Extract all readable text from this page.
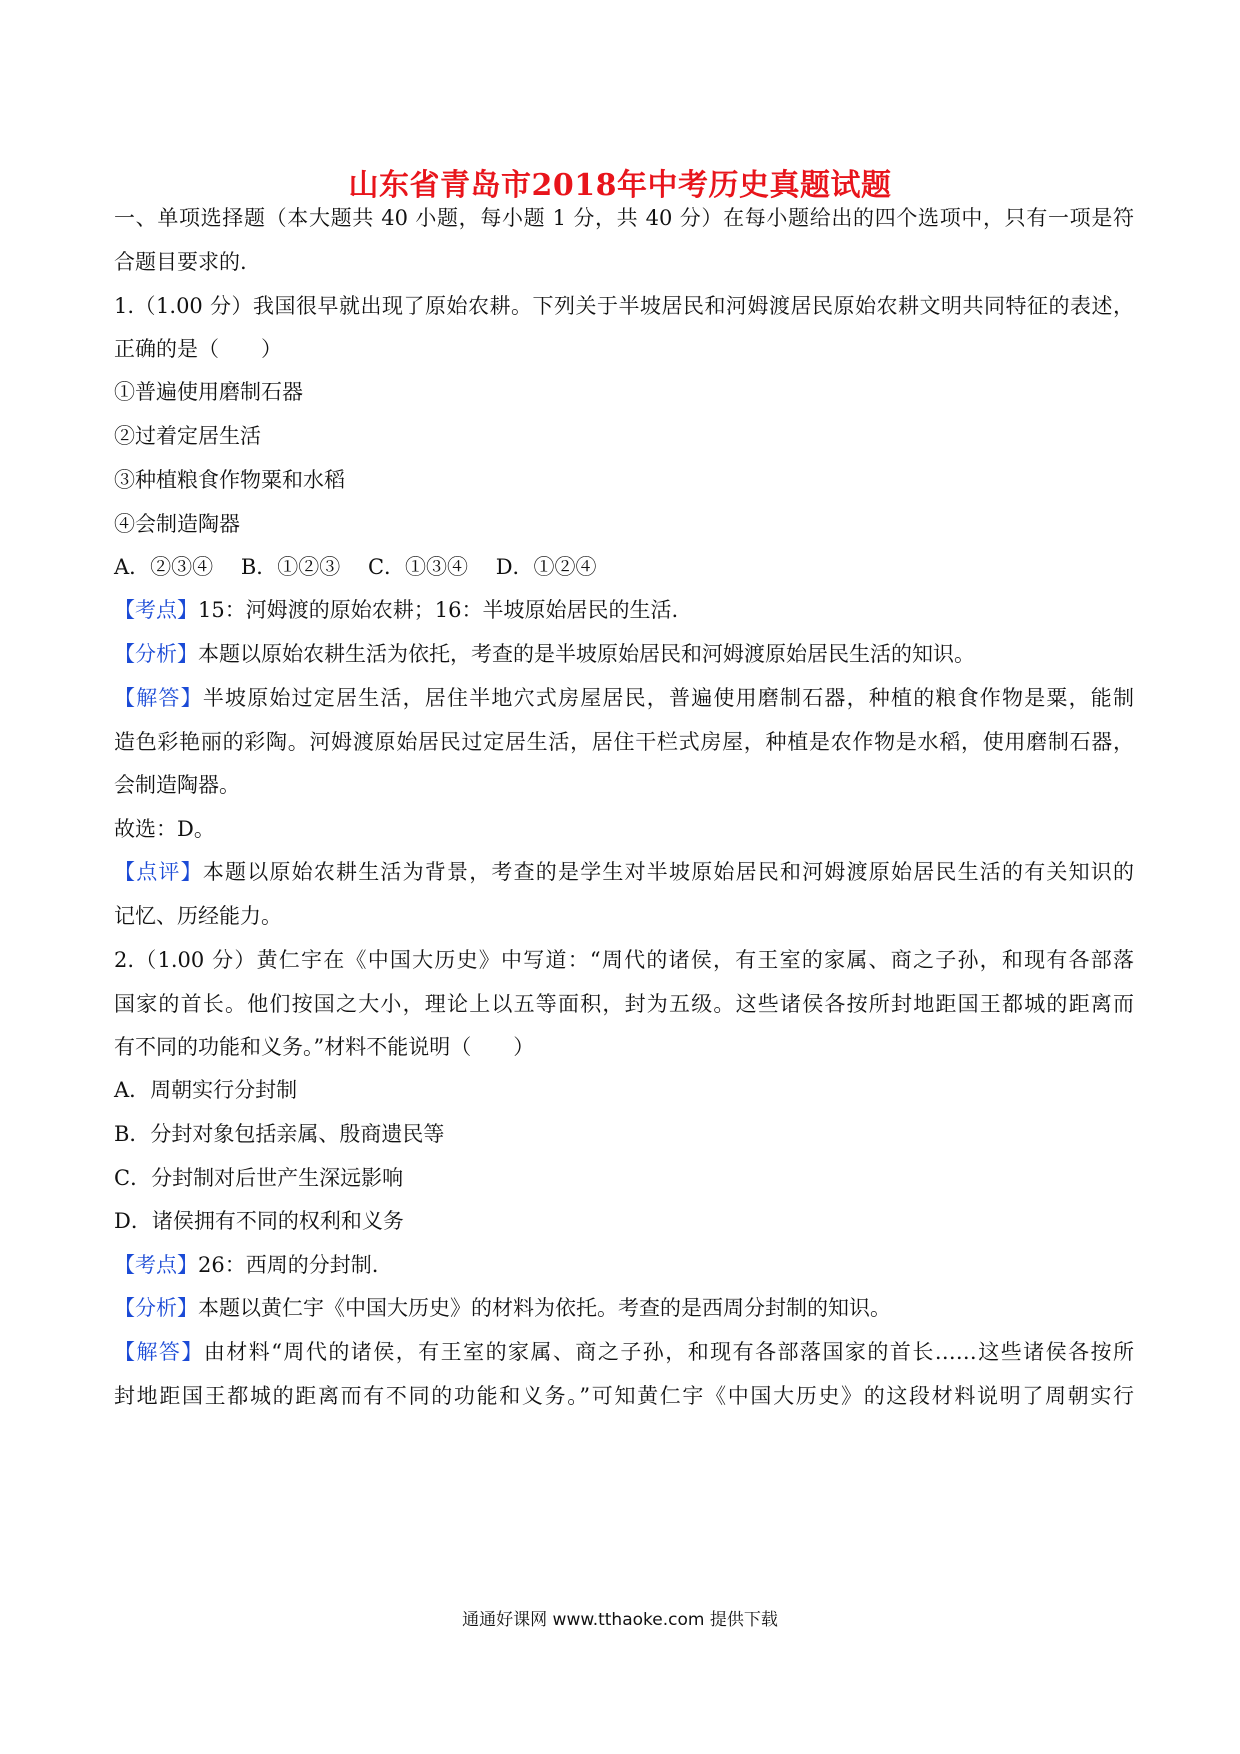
山东省青岛市2018年中考历史真题试题
一、单项选择题（本大题共 40 小题，每小题 1 分，共 40 分）在每小题给出的四个选项中，只有一项是符
合题目要求的.
1.（1.00 分）我国很早就出现了原始农耕。下列关于半坡居民和河姆渡居民原始农耕文明共同特征的表述，
正确的是（　　）
①普遍使用磨制石器
②过着定居生活
③种植粮食作物粟和水稻
④会制造陶器
A．②③④　 B．①②③　 C．①③④　 D．①②④
【考点】15：河姆渡的原始农耕；16：半坡原始居民的生活.
【分析】本题以原始农耕生活为依托，考查的是半坡原始居民和河姆渡原始居民生活的知识。
【解答】半坡原始过定居生活，居住半地穴式房屋居民，普遍使用磨制石器，种植的粮食作物是粟，能制
造色彩艳丽的彩陶。河姆渡原始居民过定居生活，居住干栏式房屋，种植是农作物是水稻，使用磨制石器，
会制造陶器。
故选：D。
【点评】本题以原始农耕生活为背景，考查的是学生对半坡原始居民和河姆渡原始居民生活的有关知识的
记忆、历经能力。
2.（1.00 分）黄仁宇在《中国大历史》中写道：“周代的诸侯，有王室的家属、商之子孙，和现有各部落
国家的首长。他们按国之大小，理论上以五等面积，封为五级。这些诸侯各按所封地距国王都城的距离而
有不同的功能和义务。”材料不能说明（　　）
A．周朝实行分封制
B．分封对象包括亲属、殷商遗民等
C．分封制对后世产生深远影响
D．诸侯拥有不同的权利和义务
【考点】26：西周的分封制.
【分析】本题以黄仁宇《中国大历史》的材料为依托。考查的是西周分封制的知识。
【解答】由材料“周代的诸侯，有王室的家属、商之子孙，和现有各部落国家的首长……这些诸侯各按所
封地距国王都城的距离而有不同的功能和义务。”可知黄仁宇《中国大历史》的这段材料说明了周朝实行
通通好课网 www.tthaoke.com 提供下载
